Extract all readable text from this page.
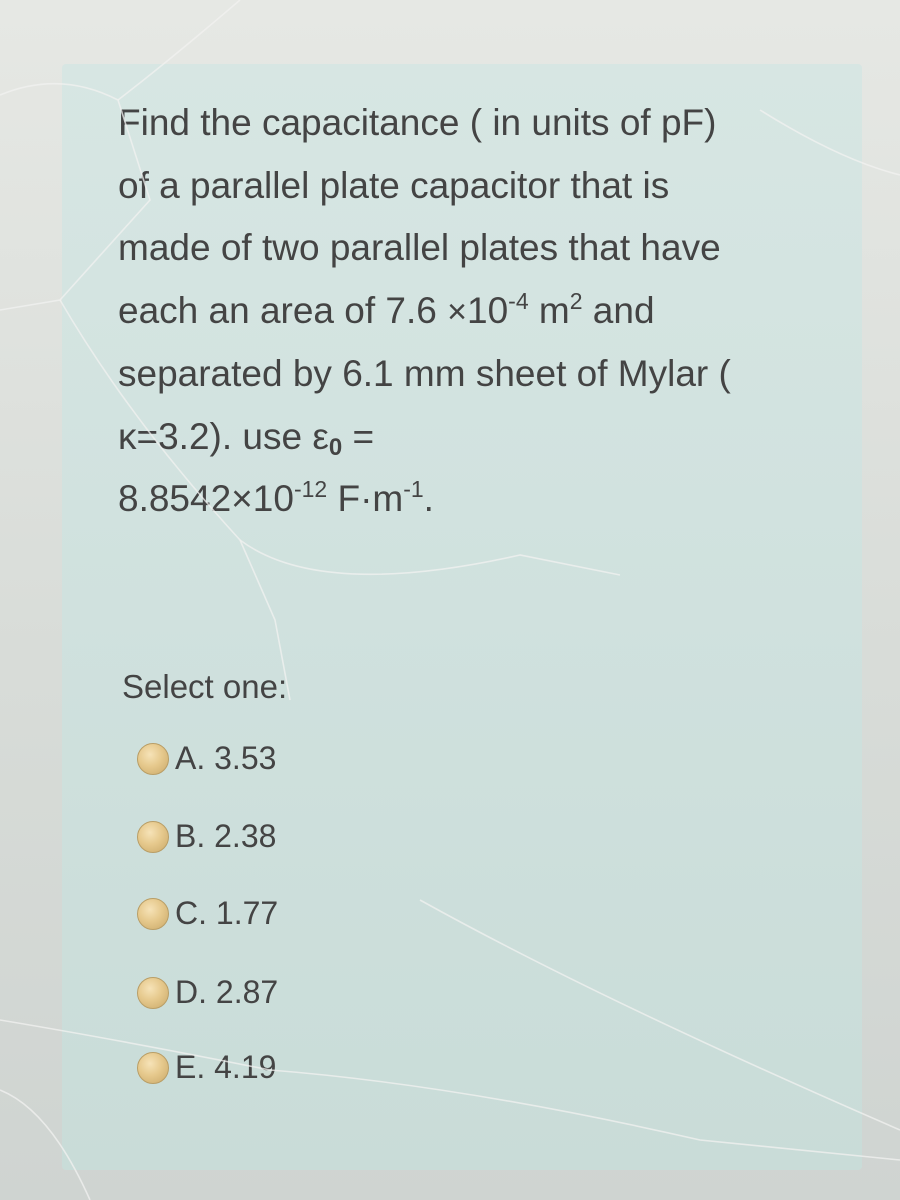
Find the capacitance ( in units of pF)
of a parallel plate capacitor that is
made of two parallel plates that have
each an area of $7.6 \times 10^{-4}$ $m^2$ and
separated by 6.1 mm sheet of Mylar (
κ=3.2). use $\varepsilon_0$ =
$8.8542\times 10^{-12}$ $F\cdot m^{-1}$.

Select one:

A. 3.53
B. 2.38
C. 1.77
D. 2.87
E. 4.19
